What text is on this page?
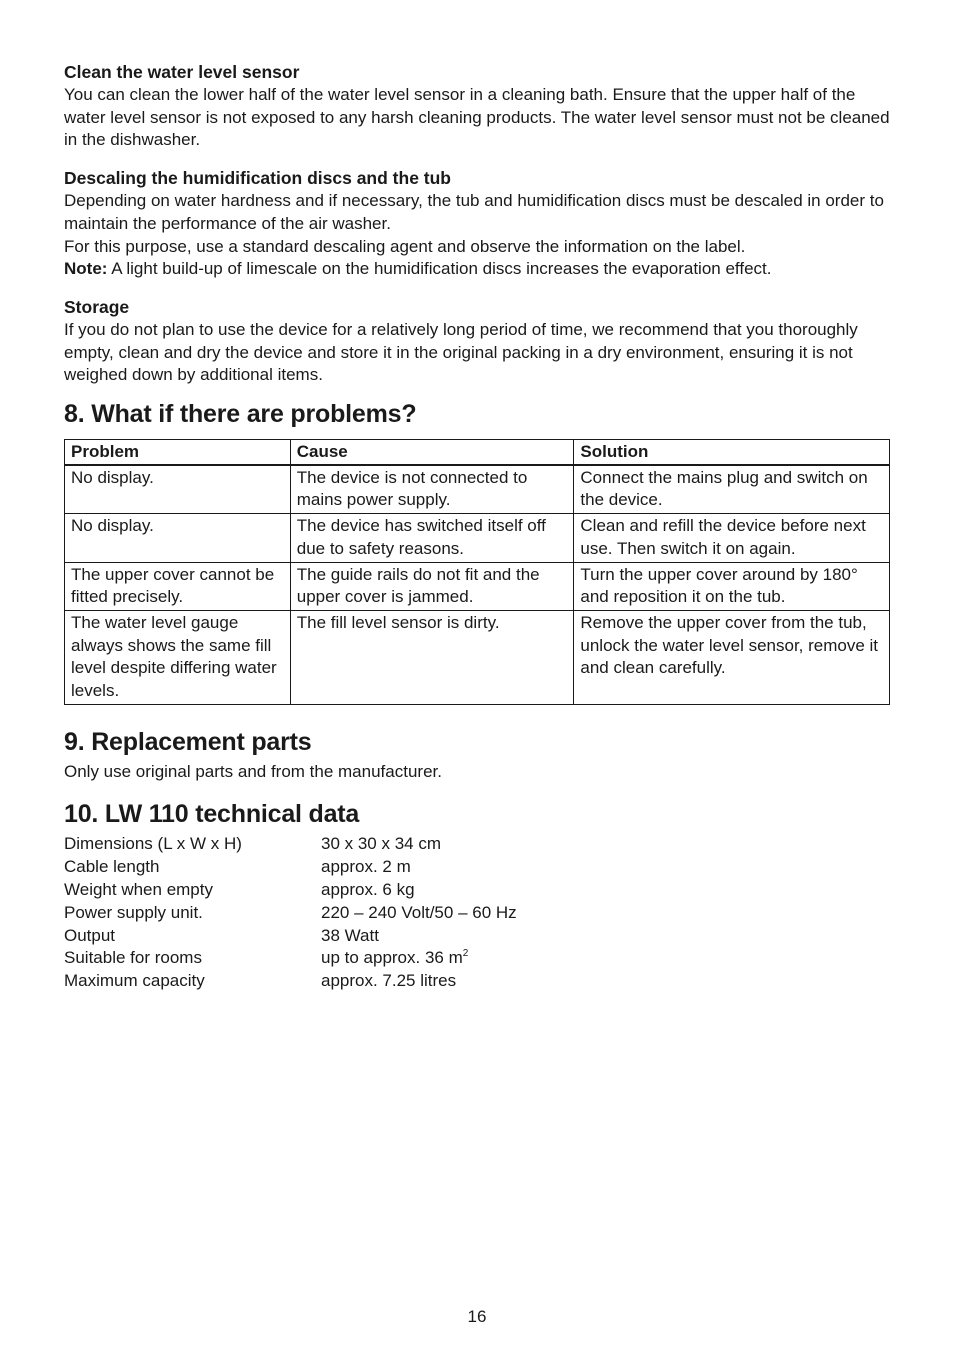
Clean the water level sensor
You can clean the lower half of the water level sensor in a cleaning bath. Ensure that the upper half of the water level sensor is not exposed to any harsh cleaning products. The water level sensor must not be cleaned in the dishwasher.
Descaling the humidification discs and the tub
Depending on water hardness and if necessary, the tub and humidification discs must be descaled in order to maintain the performance of the air washer.
For this purpose, use a standard descaling agent and observe the information on the label.
Note: A light build-up of limescale on the humidification discs increases the evaporation effect.
Storage
If you do not plan to use the device for a relatively long period of time, we recommend that you thoroughly empty, clean and dry the device and store it in the original packing in a dry environment, ensuring it is not weighed down by additional items.
8. What if there are problems?
Problem	Cause	Solution
No display.	The device is not connected to mains power supply.	Connect the mains plug and switch on the device.
No display.	The device has switched itself off due to safety reasons.	Clean and refill the device before next use. Then switch it on again.
The upper cover cannot be fitted precisely.	The guide rails do not fit and the upper cover is jammed.	Turn the upper cover around by 180° and reposition it on the tub.
The water level gauge always shows the same fill level despite differing water levels.	The fill level sensor is dirty.	Remove the upper cover from the tub, unlock the water level sensor, remove it and clean carefully.
9. Replacement parts
Only use original parts and from the manufacturer.
10. LW 110 technical data
Dimensions (L x W x H)	30 x 30 x 34 cm
Cable length	approx. 2 m
Weight when empty	approx. 6 kg
Power supply unit.	220 – 240 Volt/50 – 60 Hz
Output	38 Watt
Suitable for rooms	up to approx. 36 $m^2$
Maximum capacity	approx. 7.25 litres
16
